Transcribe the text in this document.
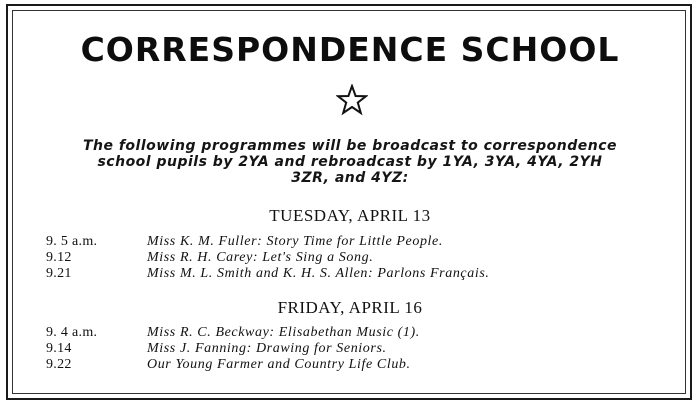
CORRESPONDENCE SCHOOL
The following programmes will be broadcast to correspondence
school pupils by 2YA and rebroadcast by 1YA, 3YA, 4YA, 2YH
3ZR, and 4YZ:
TUESDAY, APRIL 13
9. 5 a.m.	Miss K. M. Fuller: Story Time for Little People.
9.12	Miss R. H. Carey: Let's Sing a Song.
9.21	Miss M. L. Smith and K. H. S. Allen: Parlons Français.
FRIDAY, APRIL 16
9. 4 a.m.	Miss R. C. Beckway: Elisabethan Music (1).
9.14	Miss J. Fanning: Drawing for Seniors.
9.22	Our Young Farmer and Country Life Club.
